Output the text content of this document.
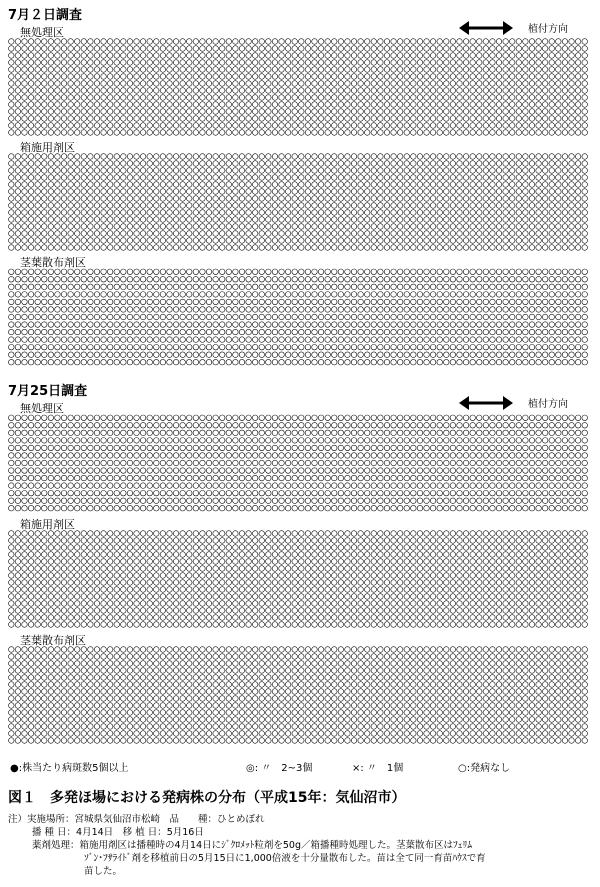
7月２日調査
植付方向
無処理区
箱施用剤区
茎葉散布剤区
7月25日調査
植付方向
無処理区
箱施用剤区
茎葉散布剤区
●:株当たり病斑数5個以上	◎: 〃　2~3個	×: 〃　1個	○:発病なし
図１　多発ほ場における発病株の分布（平成15年：気仙沼市）
注）実施場所：宮城県気仙沼市松崎　品　　種：ひとめぼれ
播 種 日：4月14日　移 植 日：5月16日
薬剤処理：箱施用剤区は播種時の4月14日にｼﾞｸﾛﾒｯﾄ粒剤を50g／箱播種時処理した。茎葉散布区はﾌｪﾘﾑ
ｿﾞﾝ･ﾌｻﾗｲﾄﾞ剤を移植前日の5月15日に1,000倍液を十分量散布した。苗は全て同一育苗ﾊｳｽで育
苗した。
